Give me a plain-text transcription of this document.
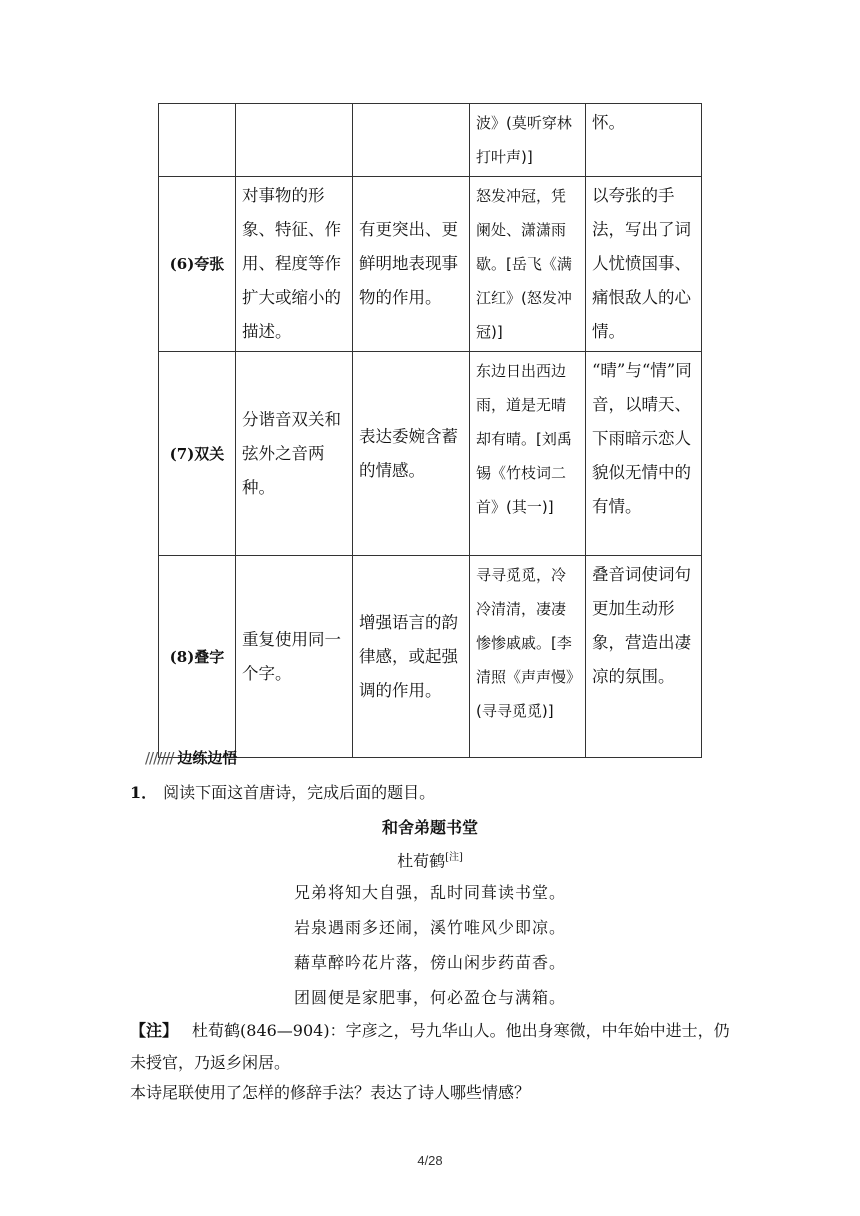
			波》(莫听穿林打叶声)]	怀。
(6)夸张	对事物的形象、特征、作用、程度等作扩大或缩小的描述。	有更突出、更鲜明地表现事物的作用。	怒发冲冠，凭阑处、潇潇雨歇。[岳飞《满江红》(怒发冲冠)]	以夸张的手法，写出了词人忧愤国事、痛恨敌人的心情。
(7)双关	分谐音双关和弦外之音两种。	表达委婉含蓄的情感。	东边日出西边雨，道是无晴却有晴。[刘禹锡《竹枝词二首》(其一)]	“晴”与“情”同音，以晴天、下雨暗示恋人貌似无情中的有情。
(8)叠字	重复使用同一个字。	增强语言的韵律感，或起强调的作用。	寻寻觅觅，冷冷清清，凄凄惨惨戚戚。[李清照《声声慢》(寻寻觅觅)]	叠音词使词句更加生动形象，营造出凄凉的氛围。
/////// 边练边悟
1． 阅读下面这首唐诗，完成后面的题目。
和舍弟题书堂
杜荀鹤[注]
兄弟将知大自强，乱时同葺读书堂。
岩泉遇雨多还闹，溪竹唯风少即凉。
藉草醉吟花片落，傍山闲步药苗香。
团圆便是家肥事，何必盈仓与满箱。
【注】 杜荀鹤(846—904)：字彦之，号九华山人。他出身寒微，中年始中进士，仍未授官，乃返乡闲居。
本诗尾联使用了怎样的修辞手法？表达了诗人哪些情感？
4/28
